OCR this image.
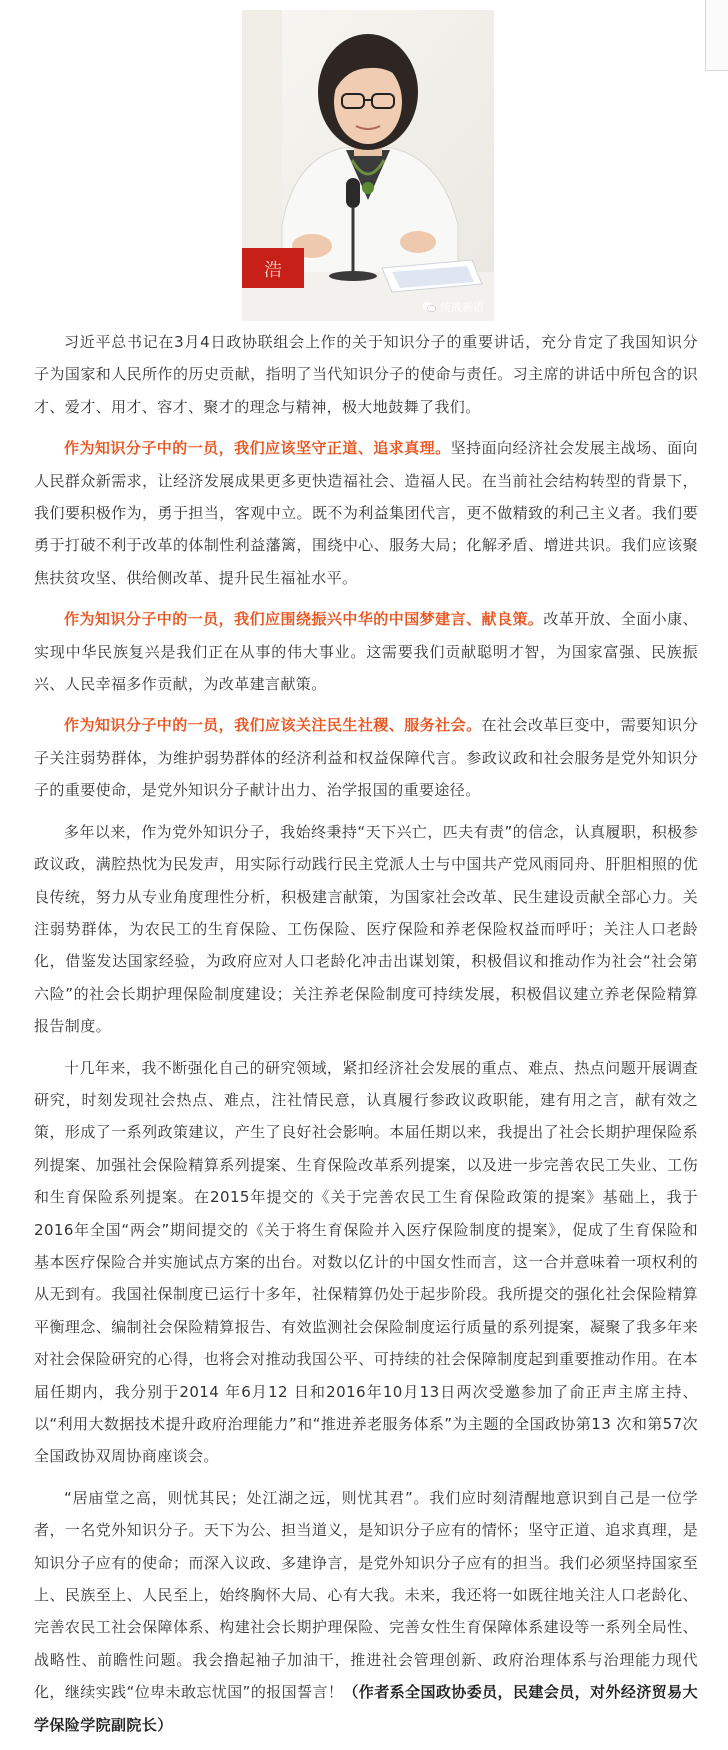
浩
统战新语

习近平总书记在3月4日政协联组会上作的关于知识分子的重要讲话，充分肯定了我国知识分子为国家和人民所作的历史贡献，指明了当代知识分子的使命与责任。习主席的讲话中所包含的识才、爱才、用才、容才、聚才的理念与精神，极大地鼓舞了我们。

作为知识分子中的一员，我们应该坚守正道、追求真理。坚持面向经济社会发展主战场、面向人民群众新需求，让经济发展成果更多更快造福社会、造福人民。在当前社会结构转型的背景下，我们要积极作为，勇于担当，客观中立。既不为利益集团代言，更不做精致的利己主义者。我们要勇于打破不利于改革的体制性利益藩篱，围绕中心、服务大局；化解矛盾、增进共识。我们应该聚焦扶贫攻坚、供给侧改革、提升民生福祉水平。

作为知识分子中的一员，我们应围绕振兴中华的中国梦建言、献良策。改革开放、全面小康、实现中华民族复兴是我们正在从事的伟大事业。这需要我们贡献聪明才智，为国家富强、民族振兴、人民幸福多作贡献，为改革建言献策。

作为知识分子中的一员，我们应该关注民生社稷、服务社会。在社会改革巨变中，需要知识分子关注弱势群体，为维护弱势群体的经济利益和权益保障代言。参政议政和社会服务是党外知识分子的重要使命，是党外知识分子献计出力、治学报国的重要途径。

多年以来，作为党外知识分子，我始终秉持“天下兴亡，匹夫有责”的信念，认真履职，积极参政议政，满腔热忱为民发声，用实际行动践行民主党派人士与中国共产党风雨同舟、肝胆相照的优良传统，努力从专业角度理性分析，积极建言献策，为国家社会改革、民生建设贡献全部心力。关注弱势群体，为农民工的生育保险、工伤保险、医疗保险和养老保险权益而呼吁；关注人口老龄化，借鉴发达国家经验，为政府应对人口老龄化冲击出谋划策，积极倡议和推动作为社会“社会第六险”的社会长期护理保险制度建设；关注养老保险制度可持续发展，积极倡议建立养老保险精算报告制度。

十几年来，我不断强化自己的研究领域，紧扣经济社会发展的重点、难点、热点问题开展调查研究，时刻发现社会热点、难点，注社情民意，认真履行参政议政职能，建有用之言，献有效之策，形成了一系列政策建议，产生了良好社会影响。本届任期以来，我提出了社会长期护理保险系列提案、加强社会保险精算系列提案、生育保险改革系列提案，以及进一步完善农民工失业、工伤和生育保险系列提案。在2015年提交的《关于完善农民工生育保险政策的提案》基础上，我于2016年全国“两会”期间提交的《关于将生育保险并入医疗保险制度的提案》，促成了生育保险和基本医疗保险合并实施试点方案的出台。对数以亿计的中国女性而言，这一合并意味着一项权利的从无到有。我国社保制度已运行十多年，社保精算仍处于起步阶段。我所提交的强化社会保险精算平衡理念、编制社会保险精算报告、有效监测社会保险制度运行质量的系列提案，凝聚了我多年来对社会保险研究的心得，也将会对推动我国公平、可持续的社会保障制度起到重要推动作用。在本届任期内，我分别于2014 年6月12 日和2016年10月13日两次受邀参加了俞正声主席主持、以“利用大数据技术提升政府治理能力”和“推进养老服务体系”为主题的全国政协第13 次和第57次全国政协双周协商座谈会。

“居庙堂之高，则忧其民；处江湖之远，则忧其君”。我们应时刻清醒地意识到自己是一位学者，一名党外知识分子。天下为公、担当道义，是知识分子应有的情怀；坚守正道、追求真理，是知识分子应有的使命；而深入议政、多建诤言，是党外知识分子应有的担当。我们必须坚持国家至上、民族至上、人民至上，始终胸怀大局、心有大我。未来，我还将一如既往地关注人口老龄化、完善农民工社会保障体系、构建社会长期护理保险、完善女性生育保障体系建设等一系列全局性、战略性、前瞻性问题。我会撸起袖子加油干，推进社会管理创新、政府治理体系与治理能力现代化，继续实践“位卑未敢忘忧国”的报国誓言！（作者系全国政协委员，民建会员，对外经济贸易大学保险学院副院长）
